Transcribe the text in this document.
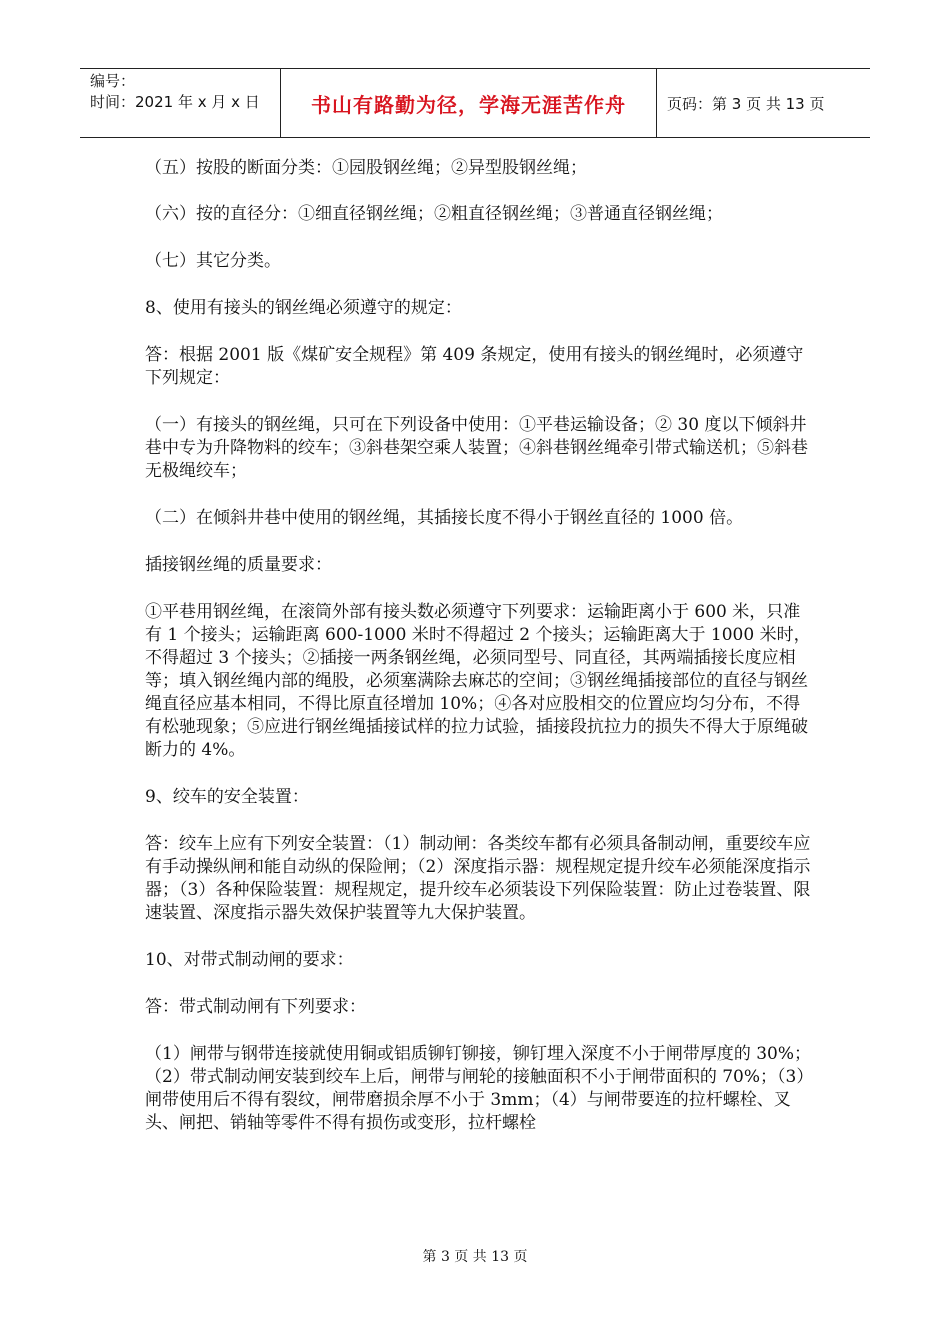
编号：
时间：2021 年 x 月 x 日	书山有路勤为径，学海无涯苦作舟	页码：第 3 页 共 13 页

（五）按股的断面分类：①园股钢丝绳；②异型股钢丝绳；

（六）按的直径分：①细直径钢丝绳；②粗直径钢丝绳；③普通直径钢丝绳；

（七）其它分类。

8、使用有接头的钢丝绳必须遵守的规定：

答：根据 2001 版《煤矿安全规程》第 409 条规定，使用有接头的钢丝绳时，必须遵守下列规定：

（一）有接头的钢丝绳，只可在下列设备中使用：①平巷运输设备；② 30 度以下倾斜井巷中专为升降物料的绞车；③斜巷架空乘人装置；④斜巷钢丝绳牵引带式输送机；⑤斜巷无极绳绞车；

（二）在倾斜井巷中使用的钢丝绳，其插接长度不得小于钢丝直径的 1000 倍。

插接钢丝绳的质量要求：

①平巷用钢丝绳，在滚筒外部有接头数必须遵守下列要求：运输距离小于 600 米，只准有 1 个接头；运输距离 600-1000 米时不得超过 2 个接头；运输距离大于 1000 米时，不得超过 3 个接头；②插接一两条钢丝绳，必须同型号、同直径，其两端插接长度应相等；填入钢丝绳内部的绳股，必须塞满除去麻芯的空间；③钢丝绳插接部位的直径与钢丝绳直径应基本相同，不得比原直径增加 10%；④各对应股相交的位置应均匀分布，不得有松驰现象；⑤应进行钢丝绳插接试样的拉力试验，插接段抗拉力的损失不得大于原绳破断力的 4%。

9、绞车的安全装置：

答：绞车上应有下列安全装置：（1）制动闸：各类绞车都有必须具备制动闸，重要绞车应有手动操纵闸和能自动纵的保险闸；（2）深度指示器：规程规定提升绞车必须能深度指示器；（3）各种保险装置：规程规定，提升绞车必须装设下列保险装置：防止过卷装置、限速装置、深度指示器失效保护装置等九大保护装置。

10、对带式制动闸的要求：

答：带式制动闸有下列要求：

（1）闸带与钢带连接就使用铜或铝质铆钉铆接，铆钉埋入深度不小于闸带厚度的 30%；（2）带式制动闸安装到绞车上后，闸带与闸轮的接触面积不小于闸带面积的 70%；（3）闸带使用后不得有裂纹，闸带磨损余厚不小于 3mm；（4）与闸带要连的拉杆螺栓、叉头、闸把、销轴等零件不得有损伤或变形，拉杆螺栓

第 3 页 共 13 页
